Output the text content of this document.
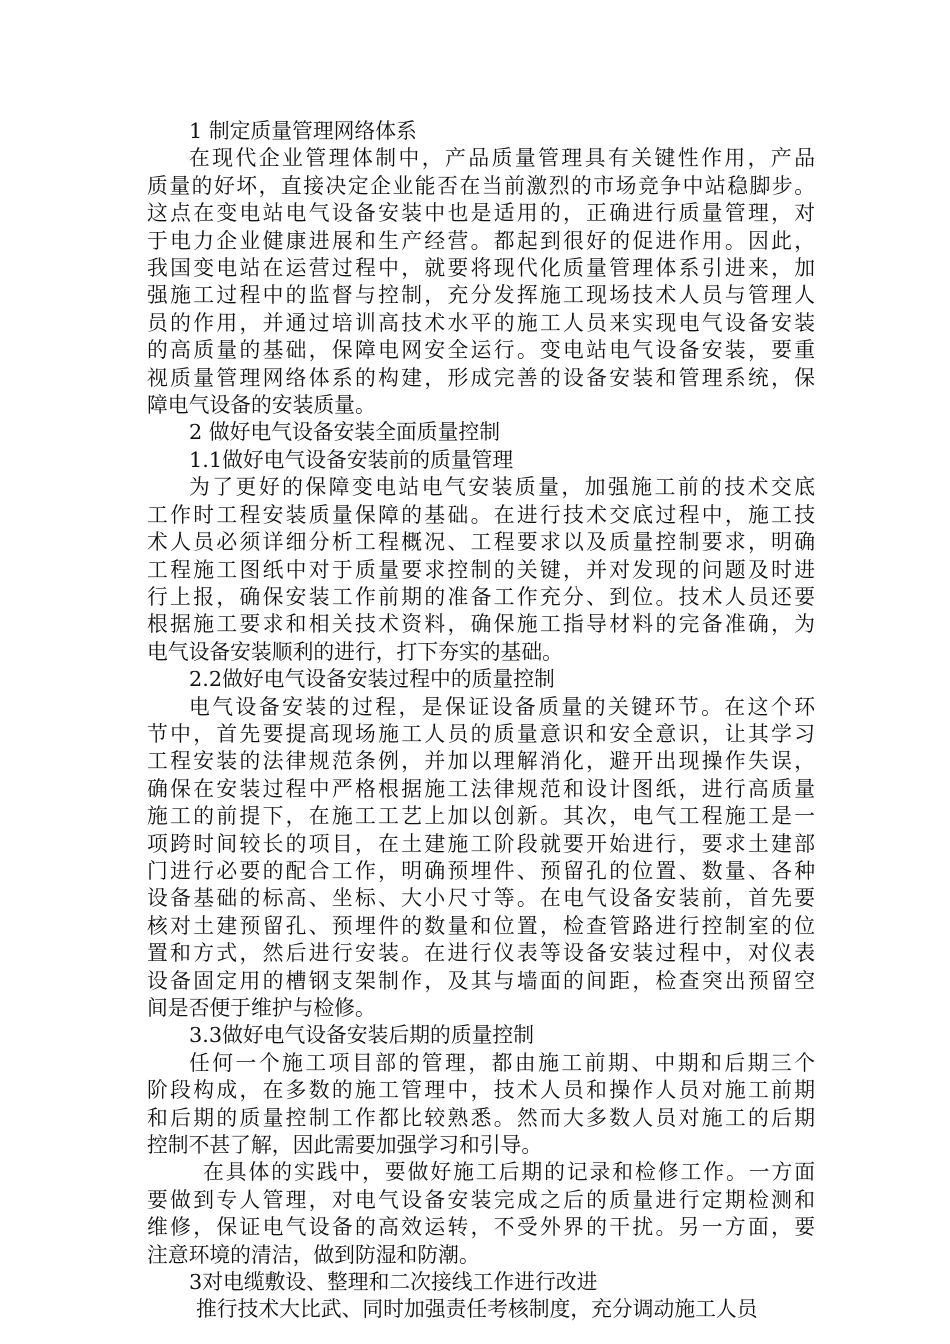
1 制定质量管理网络体系
在现代企业管理体制中，产品质量管理具有关键性作用，产品
质量的好坏，直接决定企业能否在当前激烈的市场竞争中站稳脚步。
这点在变电站电气设备安装中也是适用的，正确进行质量管理，对
于电力企业健康进展和生产经营。都起到很好的促进作用。因此，
我国变电站在运营过程中，就要将现代化质量管理体系引进来，加
强施工过程中的监督与控制，充分发挥施工现场技术人员与管理人
员的作用，并通过培训高技术水平的施工人员来实现电气设备安装
的高质量的基础，保障电网安全运行。变电站电气设备安装，要重
视质量管理网络体系的构建，形成完善的设备安装和管理系统，保
障电气设备的安装质量。
2 做好电气设备安装全面质量控制
1.1做好电气设备安装前的质量管理
为了更好的保障变电站电气安装质量，加强施工前的技术交底
工作时工程安装质量保障的基础。在进行技术交底过程中，施工技
术人员必须详细分析工程概况、工程要求以及质量控制要求，明确
工程施工图纸中对于质量要求控制的关键，并对发现的问题及时进
行上报，确保安装工作前期的准备工作充分、到位。技术人员还要
根据施工要求和相关技术资料，确保施工指导材料的完备准确，为
电气设备安装顺利的进行，打下夯实的基础。
2.2做好电气设备安装过程中的质量控制
电气设备安装的过程，是保证设备质量的关键环节。在这个环
节中，首先要提高现场施工人员的质量意识和安全意识，让其学习
工程安装的法律规范条例，并加以理解消化，避开出现操作失误，
确保在安装过程中严格根据施工法律规范和设计图纸，进行高质量
施工的前提下，在施工工艺上加以创新。其次，电气工程施工是一
项跨时间较长的项目，在土建施工阶段就要开始进行，要求土建部
门进行必要的配合工作，明确预埋件、预留孔的位置、数量、各种
设备基础的标高、坐标、大小尺寸等。在电气设备安装前，首先要
核对土建预留孔、预埋件的数量和位置，检查管路进行控制室的位
置和方式，然后进行安装。在进行仪表等设备安装过程中，对仪表
设备固定用的槽钢支架制作，及其与墙面的间距，检查突出预留空
间是否便于维护与检修。
3.3做好电气设备安装后期的质量控制
任何一个施工项目部的管理，都由施工前期、中期和后期三个
阶段构成，在多数的施工管理中，技术人员和操作人员对施工前期
和后期的质量控制工作都比较熟悉。然而大多数人员对施工的后期
控制不甚了解，因此需要加强学习和引导。
在具体的实践中，要做好施工后期的记录和检修工作。一方面
要做到专人管理，对电气设备安装完成之后的质量进行定期检测和
维修，保证电气设备的高效运转，不受外界的干扰。另一方面，要
注意环境的清洁，做到防湿和防潮。
3对电缆敷设、整理和二次接线工作进行改进
推行技术大比武、同时加强责任考核制度，充分调动施工人员
